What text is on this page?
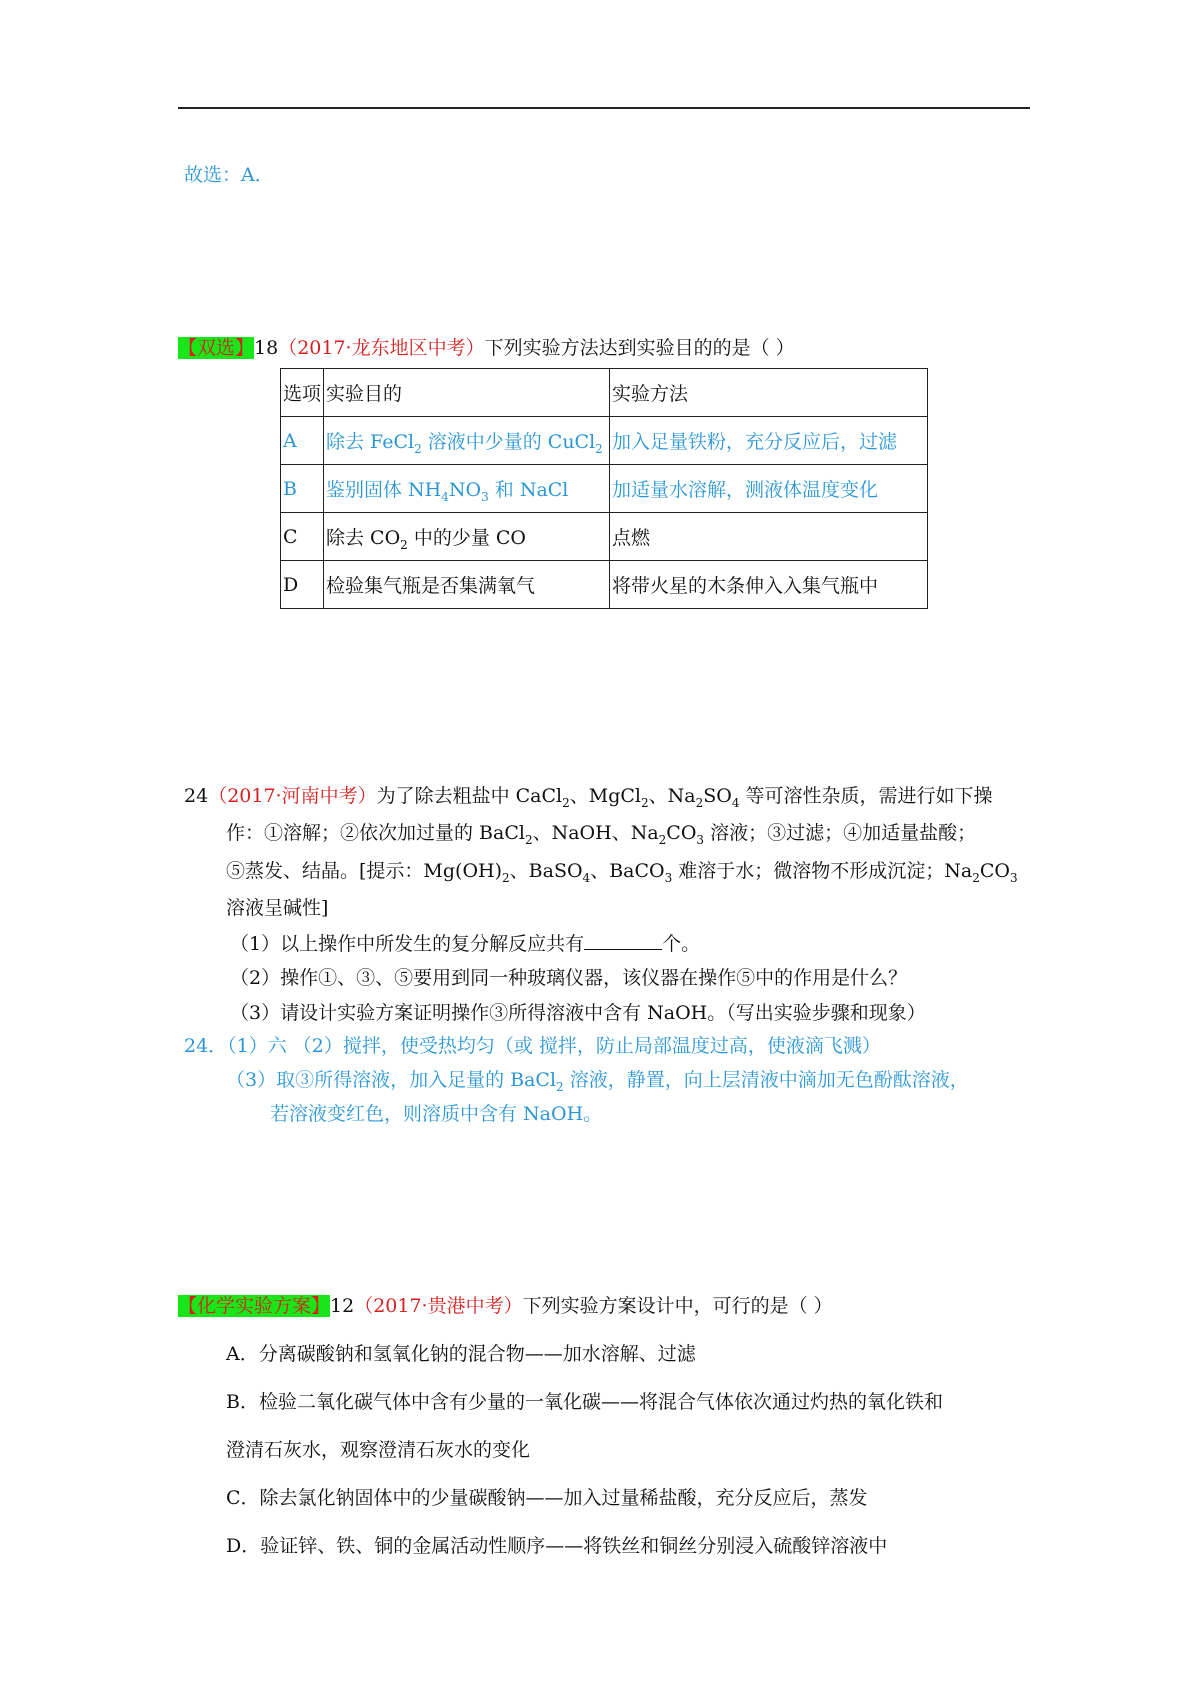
故选：A．
【双选】18（2017·龙东地区中考）下列实验方法达到实验目的的是（ ）
选项	实验目的	实验方法
A	除去 FeCl$_2$ 溶液中少量的 CuCl$_2$	加入足量铁粉，充分反应后，过滤
B	鉴别固体 $NH_4NO_3$ 和 NaCl	加适量水溶解，测液体温度变化
C	除去 $CO_2$ 中的少量 CO	点燃
D	检验集气瓶是否集满氧气	将带火星的木条伸入入集气瓶中
24（2017·河南中考）为了除去粗盐中 CaCl$_2$、MgCl$_2$、$Na_2SO_4$ 等可溶性杂质，需进行如下操
作：①溶解；②依次加过量的 BaCl$_2$、NaOH、$Na_2CO_3$ 溶液；③过滤；④加适量盐酸；
⑤蒸发、结晶。[提示：$Mg(OH)_2$、BaSO$_4$、BaCO$_3$ 难溶于水；微溶物不形成沉淀；$Na_2CO_3$
溶液呈碱性]
（1）以上操作中所发生的复分解反应共有	个。
（2）操作①、③、⑤要用到同一种玻璃仪器，该仪器在操作⑤中的作用是什么？
（3）请设计实验方案证明操作③所得溶液中含有 NaOH。（写出实验步骤和现象）
24．（1）六 （2）搅拌，使受热均匀（或 搅拌，防止局部温度过高，使液滴飞溅）
（3）取③所得溶液，加入足量的 BaCl$_2$ 溶液，静置，向上层清液中滴加无色酚酞溶液，
若溶液变红色，则溶质中含有 NaOH。
【化学实验方案】12（2017·贵港中考）下列实验方案设计中，可行的是（ ）
A．分离碳酸钠和氢氧化钠的混合物——加水溶解、过滤
B．检验二氧化碳气体中含有少量的一氧化碳——将混合气体依次通过灼热的氧化铁和
澄清石灰水，观察澄清石灰水的变化
C．除去氯化钠固体中的少量碳酸钠——加入过量稀盐酸，充分反应后，蒸发
D．验证锌、铁、铜的金属活动性顺序——将铁丝和铜丝分别浸入硫酸锌溶液中
